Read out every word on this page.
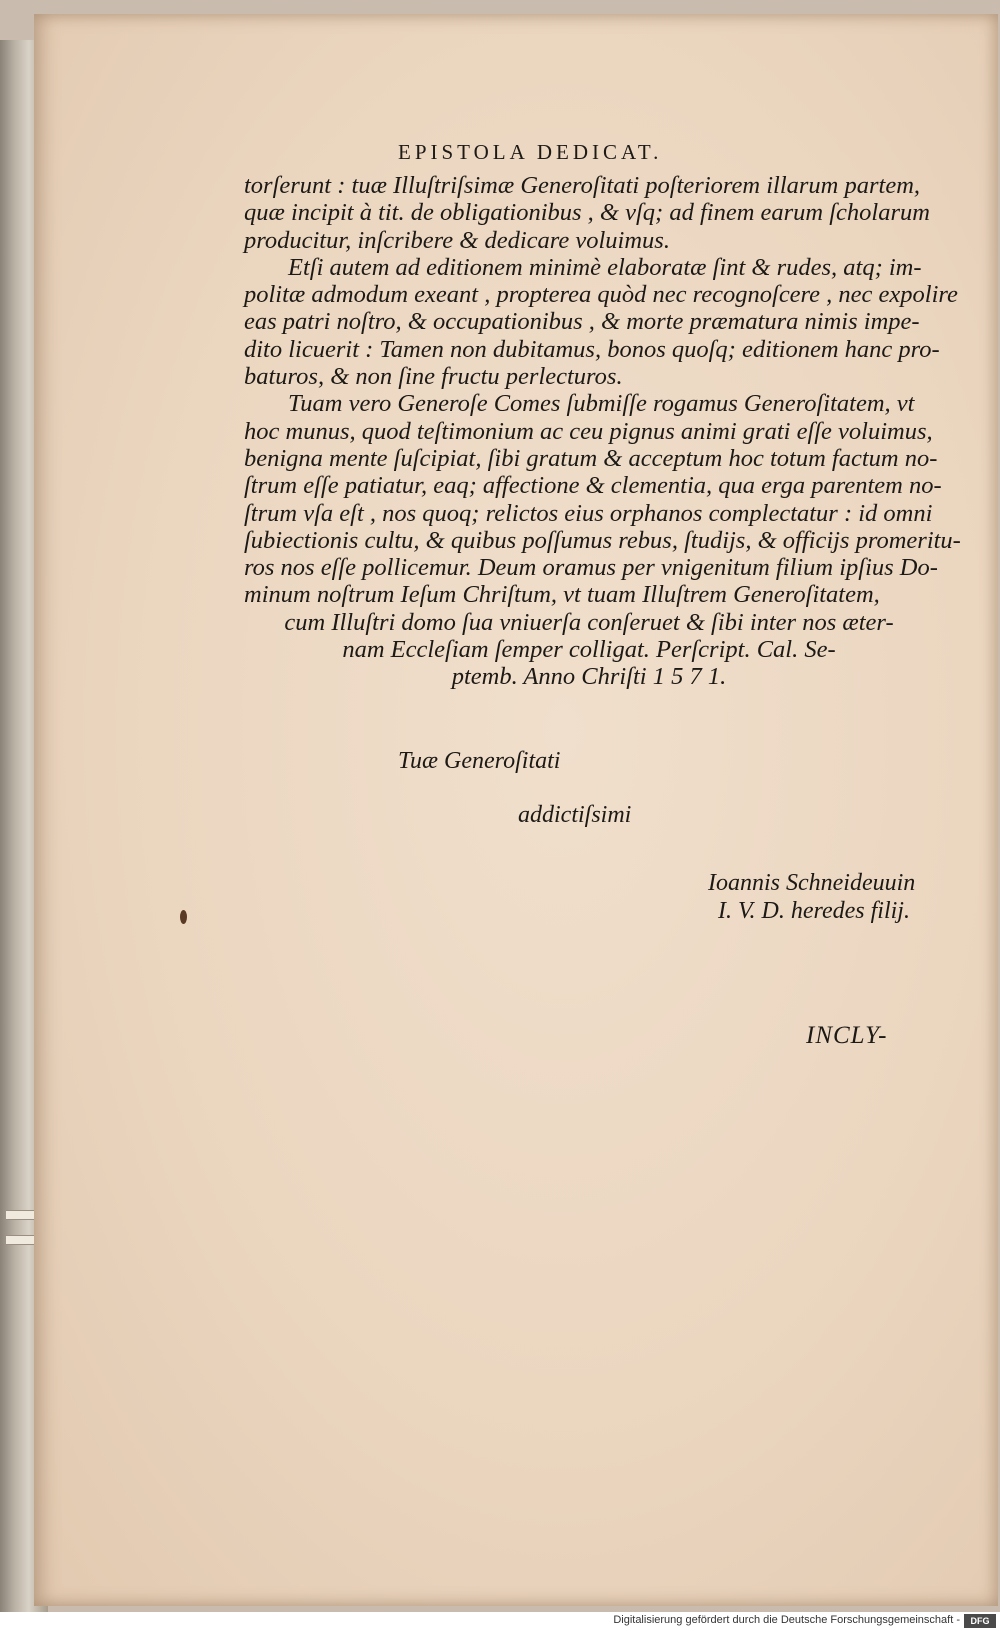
EPISTOLA DEDICAT.
torſerunt : tuæ Illuſtriſsimæ Generoſitati poſteriorem illarum partem,
quæ incipit à tit. de obligationibus , & vſq; ad finem earum ſcholarum
producitur, inſcribere & dedicare voluimus.
Etſi autem ad editionem minimè elaboratæ ſint & rudes, atq; im-
politæ admodum exeant , propterea quòd nec recognoſcere , nec expolire
eas patri noſtro, & occupationibus , & morte præmatura nimis impe-
dito licuerit : Tamen non dubitamus, bonos quoſq; editionem hanc pro-
baturos, & non ſine fructu perlecturos.
Tuam vero Generoſe Comes ſubmiſſe rogamus Generoſitatem, vt
hoc munus, quod teſtimonium ac ceu pignus animi grati eſſe voluimus,
benigna mente ſuſcipiat, ſibi gratum & acceptum hoc totum factum no-
ſtrum eſſe patiatur, eaq; affectione & clementia, qua erga parentem no-
ſtrum vſa eſt , nos quoq; relictos eius orphanos complectatur : id omni
ſubiectionis cultu, & quibus poſſumus rebus, ſtudijs, & officijs promeritu-
ros nos eſſe pollicemur. Deum oramus per vnigenitum filium ipſius Do-
minum noſtrum Ieſum Chriſtum, vt tuam Illuſtrem Generoſitatem,
cum Illuſtri domo ſua vniuerſa conſeruet & ſibi inter nos æter-
nam Eccleſiam ſemper colligat. Perſcript. Cal. Se-
ptemb. Anno Chriſti 1 5 7 1.
Tuæ Generoſitati
addictiſsimi
Ioannis Schneideuuin
I. V. D. heredes filij.
INCLY-
Digitalisierung gefördert durch die Deutsche Forschungsgemeinschaft -	DFG
